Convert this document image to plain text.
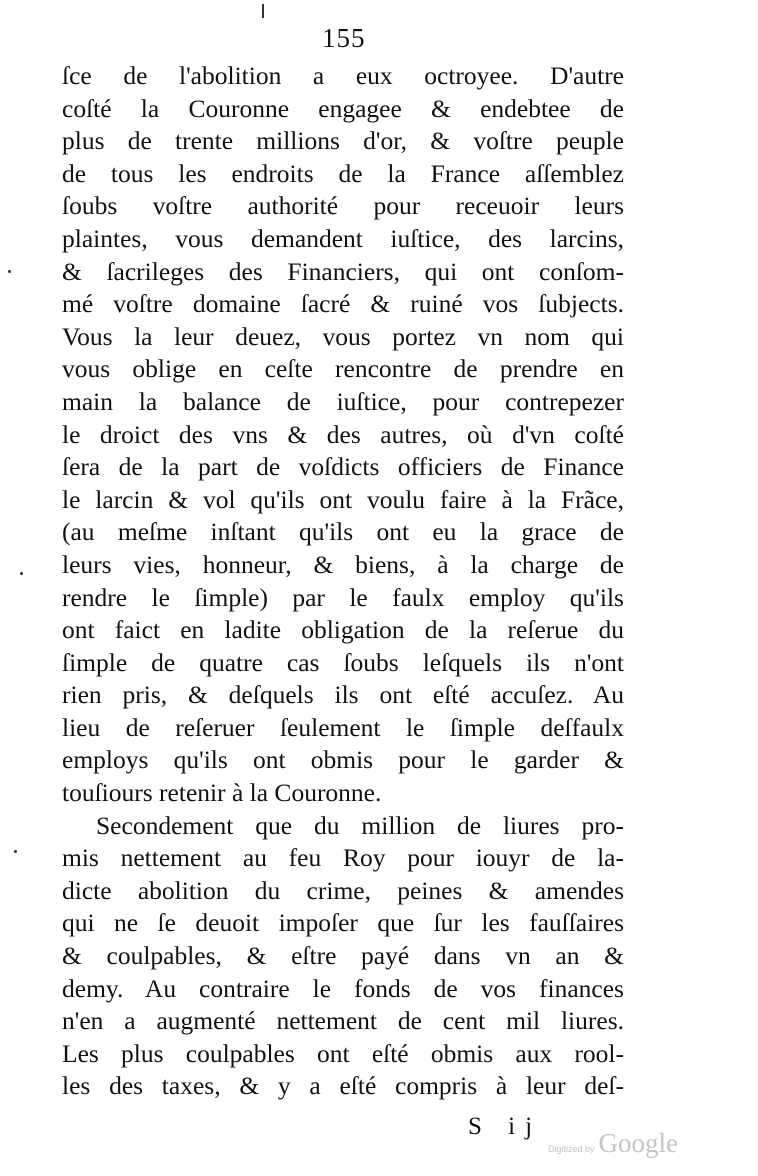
155
ſce de l'abolition a eux octroyee. D'autre
coſté la Couronne engagee & endebtee de
plus de trente millions d'or, & voſtre peuple
de tous les endroits de la France aſſemblez
ſoubs voſtre authorité pour receuoir leurs
plaintes, vous demandent iuſtice, des larcins,
& ſacrileges des Financiers, qui ont conſom-
mé voſtre domaine ſacré & ruiné vos ſubjects.
Vous la leur deuez, vous portez vn nom qui
vous oblige en ceſte rencontre de prendre en
main la balance de iuſtice, pour contrepezer
le droict des vns & des autres, où d'vn coſté
ſera de la part de voſdicts officiers de Finance
le larcin & vol qu'ils ont voulu faire à la Frãce,
(au meſme inſtant qu'ils ont eu la grace de
leurs vies, honneur, & biens, à la charge de
rendre le ſimple) par le faulx employ qu'ils
ont faict en ladite obligation de la reſerue du
ſimple de quatre cas ſoubs leſquels ils n'ont
rien pris, & deſquels ils ont eſté accuſez. Au
lieu de reſeruer ſeulement le ſimple deſfaulx
employs qu'ils ont obmis pour le garder &
touſiours retenir à la Couronne.
Secondement que du million de liures pro-
mis nettement au feu Roy pour iouyr de la-
dicte abolition du crime, peines & amendes
qui ne ſe deuoit impoſer que ſur les fauſſaires
& coulpables, & eſtre payé dans vn an &
demy. Au contraire le fonds de vos finances
n'en a augmenté nettement de cent mil liures.
Les plus coulpables ont eſté obmis aux rool-
les des taxes, & y a eſté compris à leur deſ-
S ij
Digitized by Google
